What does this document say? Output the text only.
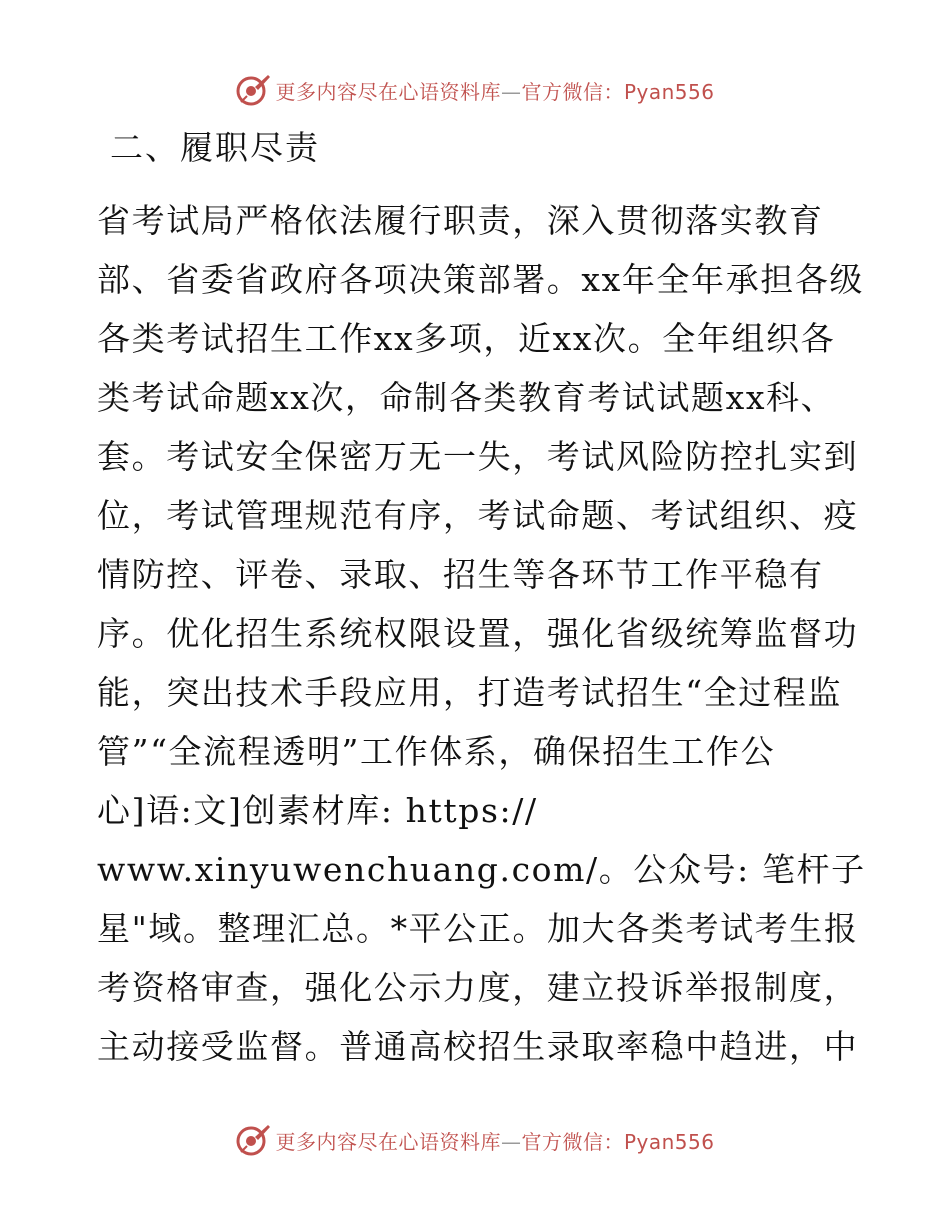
更多内容尽在心语资料库—官方微信：Pyan556
二、履职尽责
省考试局严格依法履行职责，深入贯彻落实教育
部、省委省政府各项决策部署。xx年全年承担各级
各类考试招生工作xx多项，近xx次。全年组织各
类考试命题xx次，命制各类教育考试试题xx科、
套。考试安全保密万无一失，考试风险防控扎实到
位，考试管理规范有序，考试命题、考试组织、疫
情防控、评卷、录取、招生等各环节工作平稳有
序。优化招生系统权限设置，强化省级统筹监督功
能，突出技术手段应用，打造考试招生“全过程监
管”“全流程透明”工作体系，确保招生工作公
心]语:文]创素材库: https://
www.xinyuwenchuang.com/。公众号: 笔杆子
星"域。整理汇总。*平公正。加大各类考试考生报
考资格审查，强化公示力度，建立投诉举报制度，
主动接受监督。普通高校招生录取率稳中趋进，中
更多内容尽在心语资料库—官方微信：Pyan556
